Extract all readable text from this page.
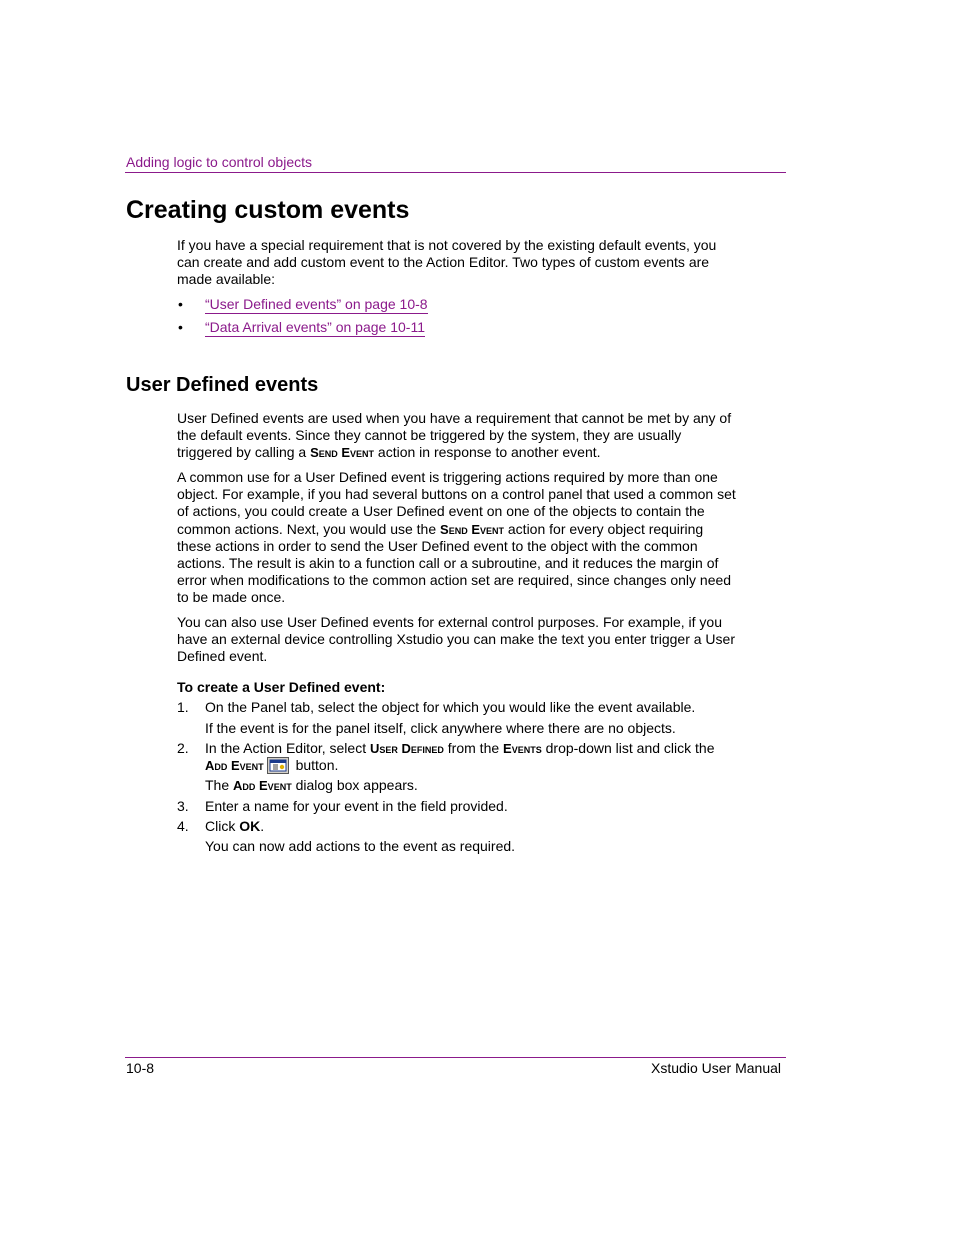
Adding logic to control objects
Creating custom events

If you have a special requirement that is not covered by the existing default events, you can create and add custom event to the Action Editor. Two types of custom events are made available:

• “User Defined events” on page 10-8
• “Data Arrival events” on page 10-11
User Defined events

User Defined events are used when you have a requirement that cannot be met by any of the default events. Since they cannot be triggered by the system, they are usually triggered by calling a Send Event action in response to another event.

A common use for a User Defined event is triggering actions required by more than one object. For example, if you had several buttons on a control panel that used a common set of actions, you could create a User Defined event on one of the objects to contain the common actions. Next, you would use the Send Event action for every object requiring these actions in order to send the User Defined event to the object with the common actions. The result is akin to a function call or a subroutine, and it reduces the margin of error when modifications to the common action set are required, since changes only need to be made once.

You can also use User Defined events for external control purposes. For example, if you have an external device controlling Xstudio you can make the text you enter trigger a User Defined event.

To create a User Defined event:
1. On the Panel tab, select the object for which you would like the event available.
If the event is for the panel itself, click anywhere where there are no objects.
2. In the Action Editor, select User Defined from the Events drop-down list and click the
Add Event
button.
The Add Event dialog box appears.
3. Enter a name for your event in the field provided.
4. Click OK.
You can now add actions to the event as required.
10-8	Xstudio User Manual
